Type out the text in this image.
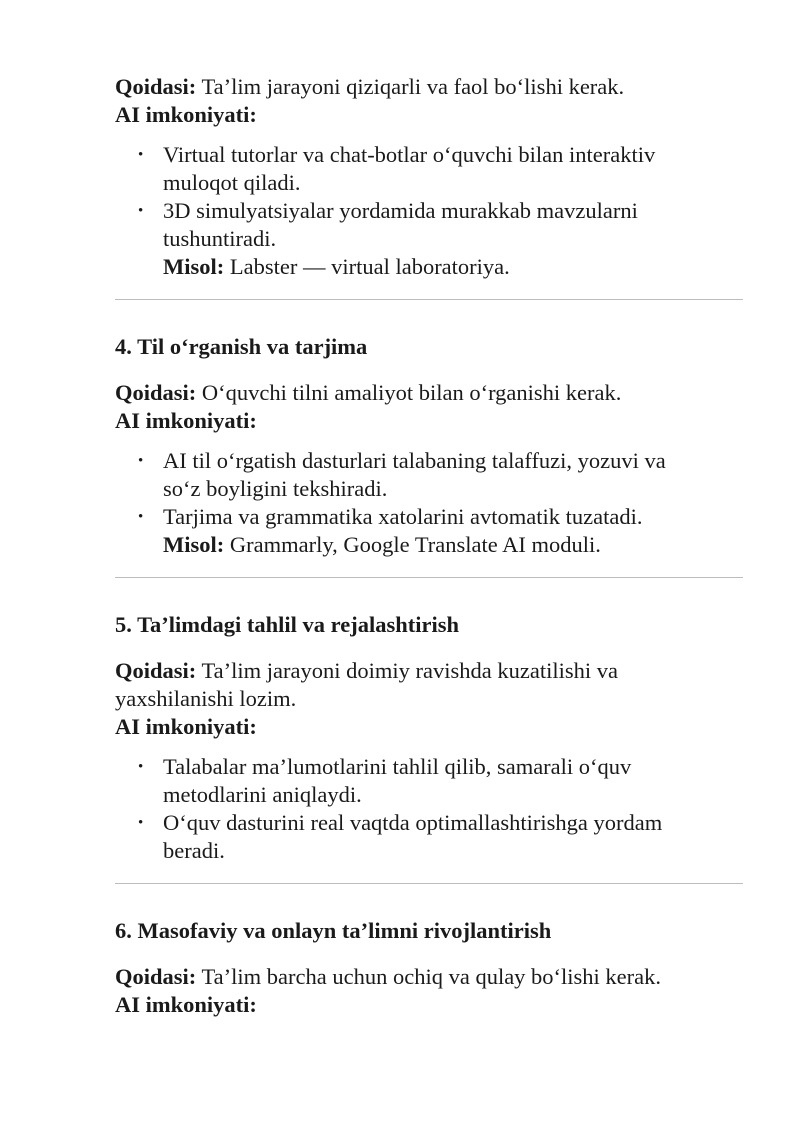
Qoidasi: Ta’lim jarayoni qiziqarli va faol bo‘lishi kerak.

AI imkoniyati:

• Virtual tutorlar va chat-botlar o‘quvchi bilan interaktiv
muloqot qiladi.
• 3D simulyatsiyalar yordamida murakkab mavzularni
tushuntiradi.
Misol: Labster — virtual laboratoriya.
4. Til o‘rganish va tarjima

Qoidasi: O‘quvchi tilni amaliyot bilan o‘rganishi kerak.

AI imkoniyati:

• AI til o‘rgatish dasturlari talabaning talaffuzi, yozuvi va
so‘z boyligini tekshiradi.
• Tarjima va grammatika xatolarini avtomatik tuzatadi.
Misol: Grammarly, Google Translate AI moduli.
5. Ta’limdagi tahlil va rejalashtirish

Qoidasi: Ta’lim jarayoni doimiy ravishda kuzatilishi va
yaxshilanishi lozim.

AI imkoniyati:

• Talabalar ma’lumotlarini tahlil qilib, samarali o‘quv
metodlarini aniqlaydi.
• O‘quv dasturini real vaqtda optimallashtirishga yordam
beradi.
6. Masofaviy va onlayn ta’limni rivojlantirish

Qoidasi: Ta’lim barcha uchun ochiq va qulay bo‘lishi kerak.

AI imkoniyati:
